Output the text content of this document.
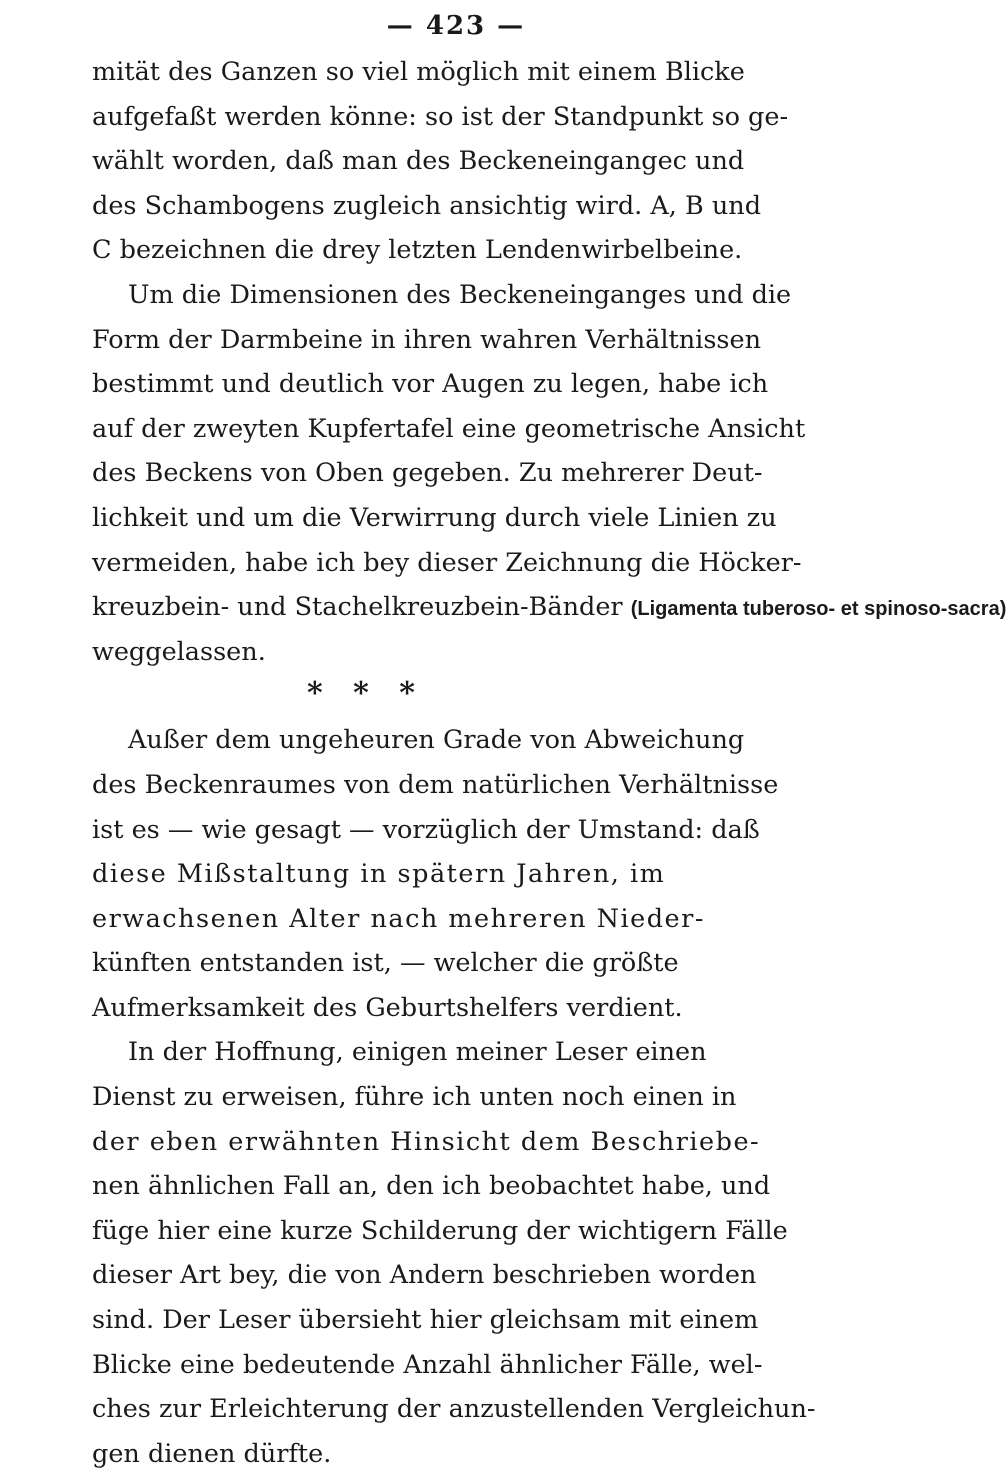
— 423 —
mität des Ganzen so viel möglich mit einem Blicke
aufgefaßt werden könne: so ist der Standpunkt so ge-
wählt worden, daß man des Beckeneingangeс und
des Schambogens zugleich ansichtig wird. A, B und
C bezeichnen die drey letzten Lendenwirbelbeine.
Um die Dimensionen des Beckeneinganges und die
Form der Darmbeine in ihren wahren Verhältnissen
bestimmt und deutlich vor Augen zu legen, habe ich
auf der zweyten Kupfertafel eine geometrische Ansicht
des Beckens von Oben gegeben. Zu mehrerer Deut-
lichkeit und um die Verwirrung durch viele Linien zu
vermeiden, habe ich bey dieser Zeichnung die Höcker-
kreuzbein- und Stachelkreuzbein-Bänder (Ligamenta tuberoso- et spinoso-sacra)
weggelassen.
* * *
Außer dem ungeheuren Grade von Abweichung
des Beckenraumes von dem natürlichen Verhältnisse
ist es — wie gesagt — vorzüglich der Umstand: daß
diese Mißstaltung in spätern Jahren, im
erwachsenen Alter nach mehreren Nieder-
künften entstanden ist, — welcher die größte
Aufmerksamkeit des Geburtshelfers verdient.
In der Hoffnung, einigen meiner Leser einen
Dienst zu erweisen, führe ich unten noch einen in
der eben erwähnten Hinsicht dem Beschriebe-
nen ähnlichen Fall an, den ich beobachtet habe, und
füge hier eine kurze Schilderung der wichtigern Fälle
dieser Art bey, die von Andern beschrieben worden
sind. Der Leser übersieht hier gleichsam mit einem
Blicke eine bedeutende Anzahl ähnlicher Fälle, wel-
ches zur Erleichterung der anzustellenden Vergleichun-
gen dienen dürfte.
